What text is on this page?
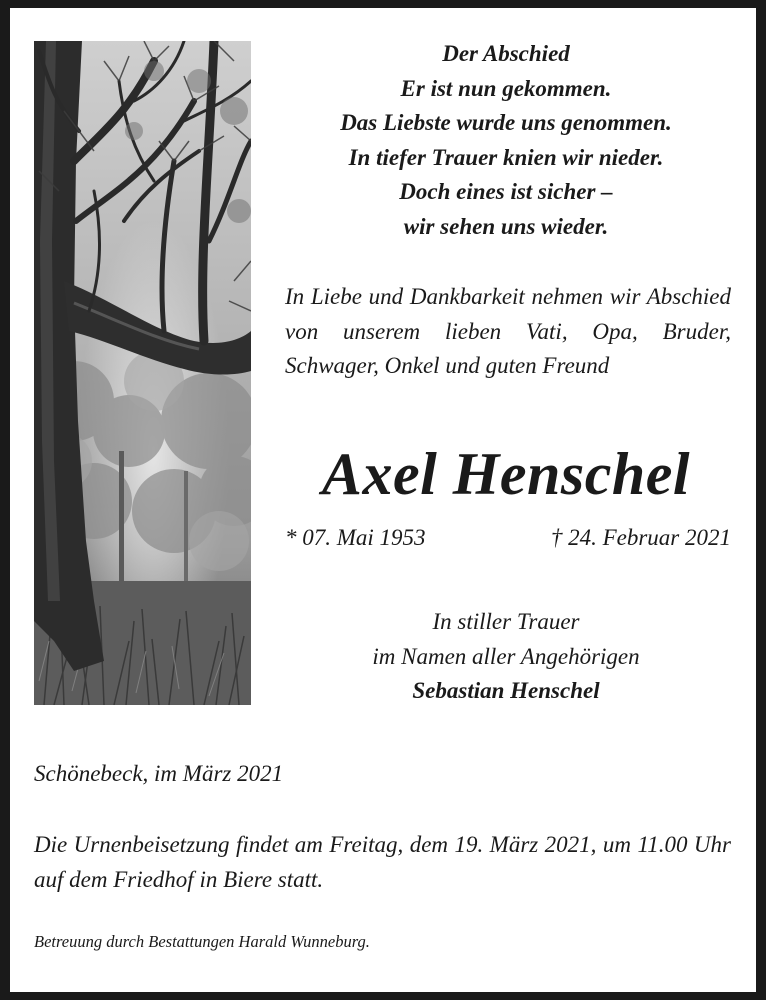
Der Abschied
Er ist nun gekommen.
Das Liebste wurde uns genommen.
In tiefer Trauer knien wir nieder.
Doch eines ist sicher –
wir sehen uns wieder.
In Liebe und Dankbarkeit nehmen wir Abschied von unserem lieben Vati, Opa, Bruder, Schwager, Onkel und guten Freund
Axel Henschel
* 07. Mai 1953	† 24. Februar 2021
In stiller Trauer
im Namen aller Angehörigen
Sebastian Henschel
Schönebeck, im März 2021
Die Urnenbeisetzung findet am Freitag, dem 19. März 2021, um 11.00 Uhr auf dem Friedhof in Biere statt.
Betreuung durch Bestattungen Harald Wunneburg.
